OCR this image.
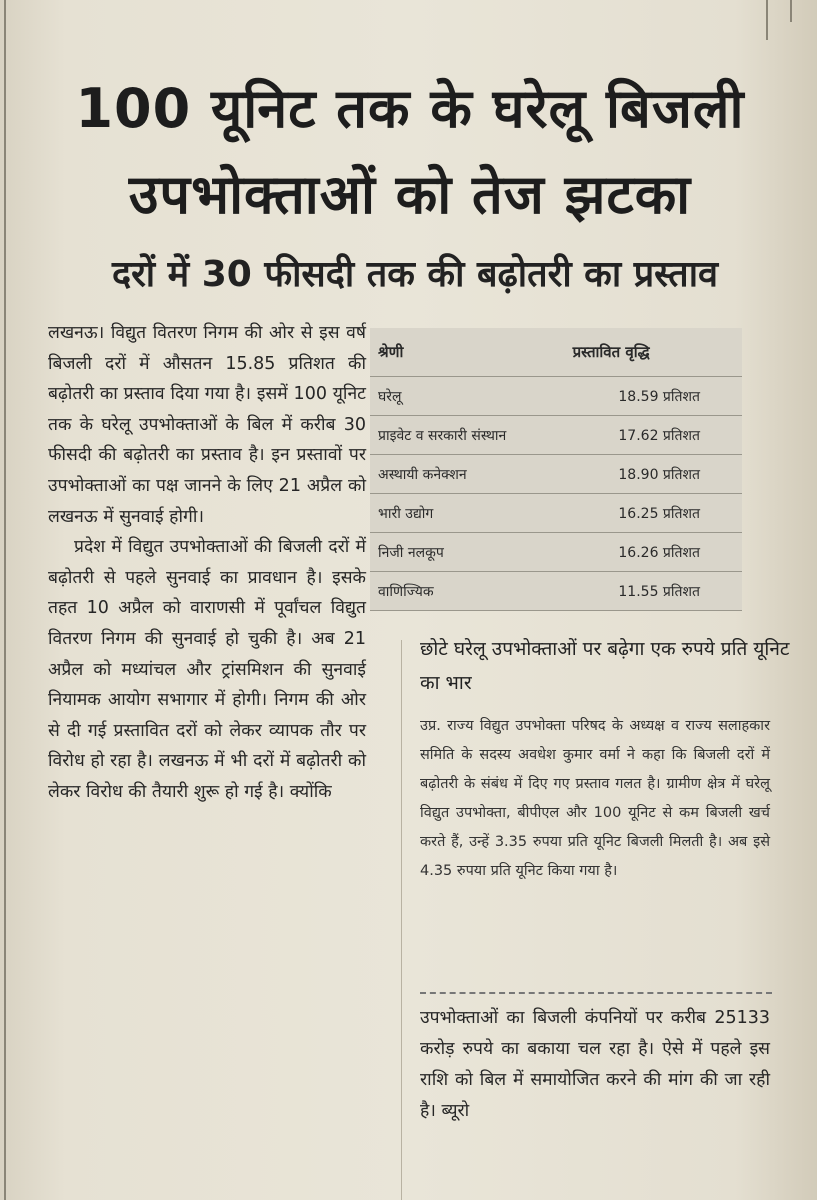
100 यूनिट तक के घरेलू बिजली
उपभोक्ताओं को तेज झटका
दरों में 30 फीसदी तक की बढ़ोतरी का प्रस्ताव

लखनऊ। विद्युत वितरण निगम की ओर से इस वर्ष बिजली दरों में औसतन 15.85 प्रतिशत की बढ़ोतरी का प्रस्ताव दिया गया है। इसमें 100 यूनिट तक के घरेलू उपभोक्ताओं के बिल में करीब 30 फीसदी की बढ़ोतरी का प्रस्ताव है। इन प्रस्तावों पर उपभोक्ताओं का पक्ष जानने के लिए 21 अप्रैल को लखनऊ में सुनवाई होगी।

प्रदेश में विद्युत उपभोक्ताओं की बिजली दरों में बढ़ोतरी से पहले सुनवाई का प्रावधान है। इसके तहत 10 अप्रैल को वाराणसी में पूर्वांचल विद्युत वितरण निगम की सुनवाई हो चुकी है। अब 21 अप्रैल को मध्यांचल और ट्रांसमिशन की सुनवाई नियामक आयोग सभागार में होगी। निगम की ओर से दी गई प्रस्तावित दरों को लेकर व्यापक तौर पर विरोध हो रहा है। लखनऊ में भी दरों में बढ़ोतरी को लेकर विरोध की तैयारी शुरू हो गई है। क्योंकि

श्रेणी	प्रस्तावित वृद्धि
घरेलू	18.59 प्रतिशत
प्राइवेट व सरकारी संस्थान	17.62 प्रतिशत
अस्थायी कनेक्शन	18.90 प्रतिशत
भारी उद्योग	16.25 प्रतिशत
निजी नलकूप	16.26 प्रतिशत
वाणिज्यिक	11.55 प्रतिशत
छोटे घरेलू उपभोक्ताओं पर बढ़ेगा एक रुपये प्रति यूनिट का भार

उप्र. राज्य विद्युत उपभोक्ता परिषद के अध्यक्ष व राज्य सलाहकार समिति के सदस्य अवधेश कुमार वर्मा ने कहा कि बिजली दरों में बढ़ोतरी के संबंध में दिए गए प्रस्ताव गलत है। ग्रामीण क्षेत्र में घरेलू विद्युत उपभोक्ता, बीपीएल और 100 यूनिट से कम बिजली खर्च करते हैं, उन्हें 3.35 रुपया प्रति यूनिट बिजली मिलती है। अब इसे 4.35 रुपया प्रति यूनिट किया गया है।

उपभोक्ताओं का बिजली कंपनियों पर करीब 25133 करोड़ रुपये का बकाया चल रहा है। ऐसे में पहले इस राशि को बिल में समायोजित करने की मांग की जा रही है। ब्यूरो
